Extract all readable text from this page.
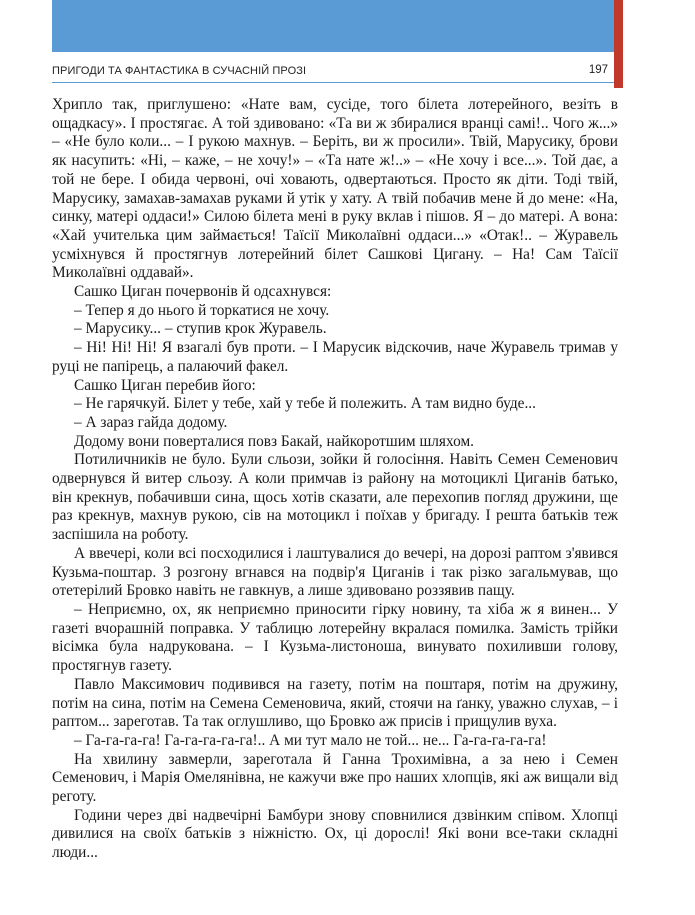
ПРИГОДИ ТА ФАНТАСТИКА В СУЧАСНІЙ ПРОЗІ	197

Хрипло так, приглушено: «Нате вам, сусіде, того білета лотерейного, везіть в ощадкасу». І простягає. А той здивовано: «Та ви ж збиралися вранці самі!.. Чого ж...» – «Не було коли... – І рукою махнув. – Беріть, ви ж просили». Твій, Марусику, брови як насупить: «Ні, – каже, – не хочу!» – «Та нате ж!..» – «Не хочу і все...». Той дає, а той не бере. І обида червоні, очі ховають, одвертаються. Просто як діти. Тоді твій, Марусику, замахав-замахав руками й утік у хату. А твій побачив мене й до мене: «На, синку, матері оддаси!» Силою білета мені в руку вклав і пішов. Я – до матері. А вона: «Хай учителька цим займається! Таїсії Миколаївні оддаси...» «Отак!.. – Журавель усміхнувся й простягнув лотерейний білет Сашкові Цигану. – На! Сам Таїсії Миколаївні оддавай».

Сашко Циган почервонів й одсахнувся:

– Тепер я до нього й торкатися не хочу.

– Марусику... – ступив крок Журавель.

– Ні! Ні! Ні! Я взагалі був проти. – І Марусик відскочив, наче Журавель тримав у руці не папірець, а палаючий факел.

Сашко Циган перебив його:

– Не гарячкуй. Білет у тебе, хай у тебе й полежить. А там видно буде...

– А зараз гайда додому.

Додому вони поверталися повз Бакай, найкоротшим шляхом.

Потиличників не було. Були сльози, зойки й голосіння. Навіть Семен Семенович одвернувся й витер сльозу. А коли примчав із району на мотоциклі Циганів батько, він крекнув, побачивши сина, щось хотів сказати, але перехопив погляд дружини, ще раз крекнув, махнув рукою, сів на мотоцикл і поїхав у бригаду. І решта батьків теж заспішила на роботу.

А ввечері, коли всі посходилися і лаштувалися до вечері, на дорозі раптом з'явився Кузьма-поштар. З розгону вгнався на подвір'я Циганів і так різко загальмував, що отетерілий Бровко навіть не гавкнув, а лише здивовано роззявив пащу.

– Неприємно, ох, як неприємно приносити гірку новину, та хіба ж я винен... У газеті вчорашній поправка. У таблицю лотерейну вкралася помилка. Замість трійки вісімка була надрукована. – І Кузьма-листоноша, винувато похиливши голову, простягнув газету.

Павло Максимович подивився на газету, потім на поштаря, потім на дружину, потім на сина, потім на Семена Семеновича, який, стоячи на ґанку, уважно слухав, – і раптом... зареготав. Та так оглушливо, що Бровко аж присів і прищулив вуха.

– Га-га-га-га! Га-га-га-га-га!.. А ми тут мало не той... не... Га-га-га-га-га!

На хвилину завмерли, зареготала й Ганна Трохимівна, а за нею і Семен Семенович, і Марія Омелянівна, не кажучи вже про наших хлопців, які аж вищали від реготу.

Години через дві надвечірні Бамбури знову сповнилися дзвінким співом. Хлопці дивилися на своїх батьків з ніжністю. Ох, ці дорослі! Які вони все-таки складні люди...
